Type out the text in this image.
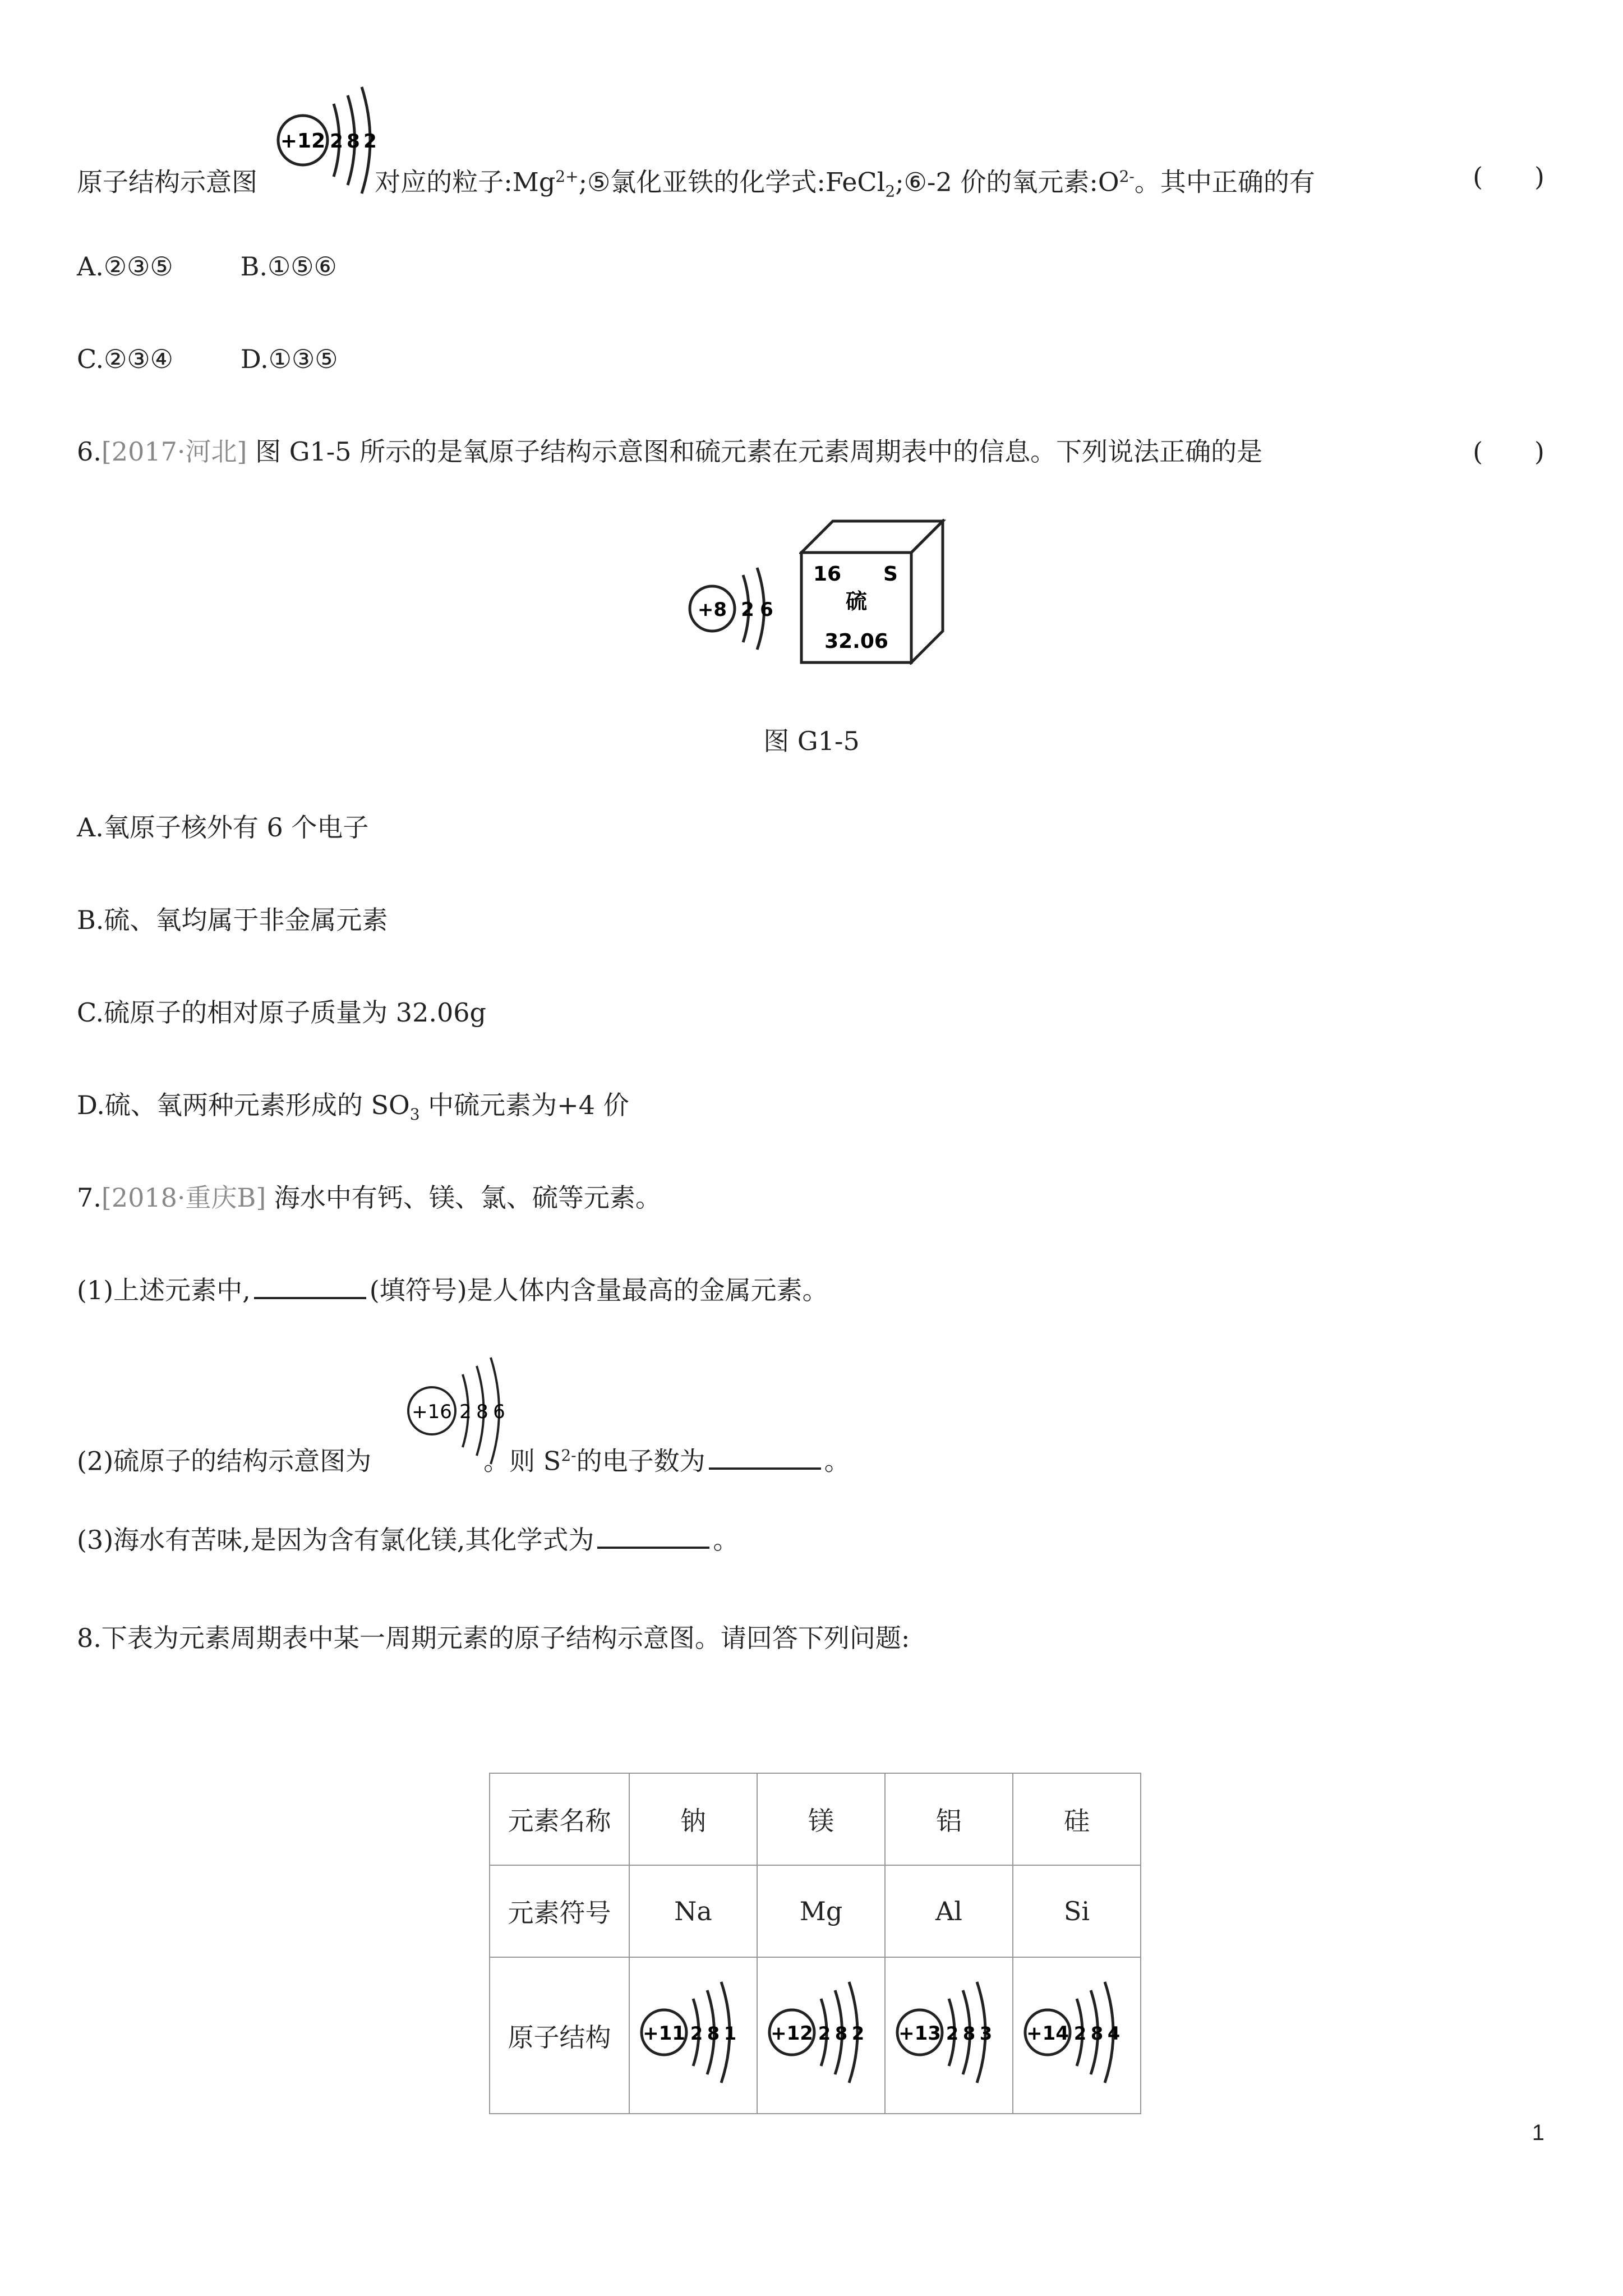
原子结构示意图	对应的粒子$:Mg^{2+};⑤$氯化亚铁的化学式:FeCl$_2$;⑥-2 价的氧元素$:O^{2-}$。其中正确的有	(　　)
+12 2 8 2
A.②③⑤	B.①⑤⑥
C.②③④	D.①③⑤
6.[2017·河北] 图 G1-5 所示的是氧原子结构示意图和硫元素在元素周期表中的信息。下列说法正确的是	(　　)
+8 2 6
16 S
硫
32.06
图 G1-5
A.氧原子核外有 6 个电子
B.硫、氧均属于非金属元素
C.硫原子的相对原子质量为 32.06g
D.硫、氧两种元素形成的 $SO_3$ 中硫元素为+4 价
7.[2018·重庆B] 海水中有钙、镁、氯、硫等元素。
(1)上述元素中,	(填符号)是人体内含量最高的金属元素。
(2)硫原子的结构示意图为	。则 $S^{2-}$的电子数为	。
+16 2 8 6
(3)海水有苦味,是因为含有氯化镁,其化学式为	。
8.下表为元素周期表中某一周期元素的原子结构示意图。请回答下列问题:
元素名称	钠	镁	铝	硅
元素符号	Na	Mg	Al	Si
原子结构	+11 2 8 1	+12 2 8 2	+13 2 8 3	+14 2 8 4
1
